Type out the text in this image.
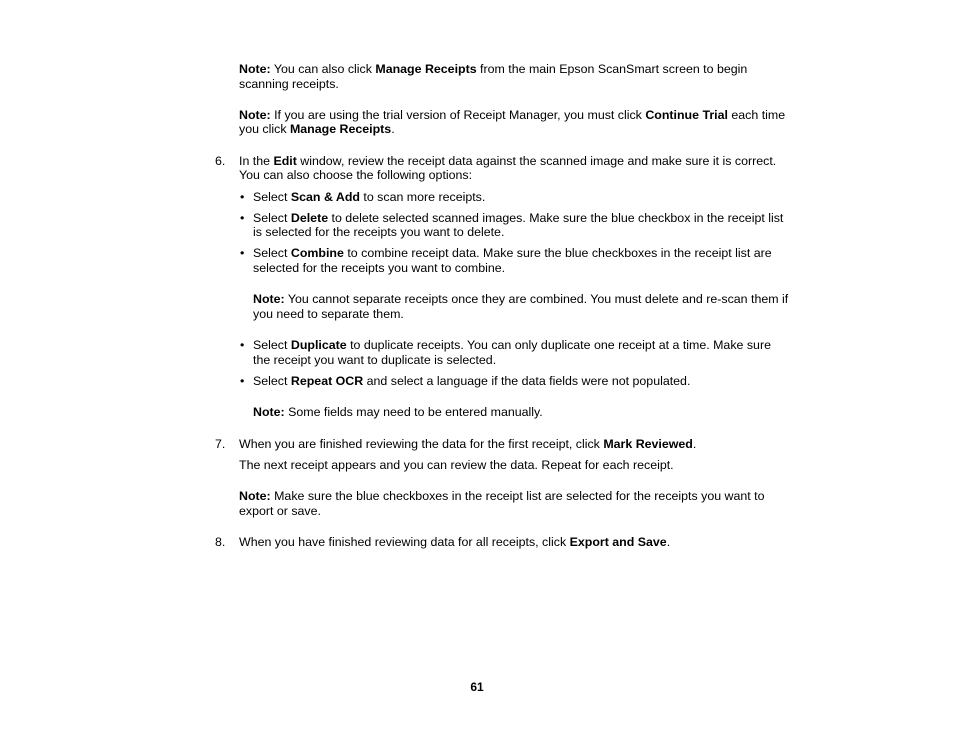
Note: You can also click Manage Receipts from the main Epson ScanSmart screen to begin

scanning receipts.

Note: If you are using the trial version of Receipt Manager, you must click Continue Trial each time

you click Manage Receipts.

6. In the Edit window, review the receipt data against the scanned image and make sure it is correct.

You can also choose the following options:

• Select Scan & Add to scan more receipts.

• Select Delete to delete selected scanned images. Make sure the blue checkbox in the receipt list

is selected for the receipts you want to delete.

• Select Combine to combine receipt data. Make sure the blue checkboxes in the receipt list are

selected for the receipts you want to combine.

Note: You cannot separate receipts once they are combined. You must delete and re-scan them if

you need to separate them.

• Select Duplicate to duplicate receipts. You can only duplicate one receipt at a time. Make sure

the receipt you want to duplicate is selected.

• Select Repeat OCR and select a language if the data fields were not populated.

Note: Some fields may need to be entered manually.

7. When you are finished reviewing the data for the first receipt, click Mark Reviewed.

The next receipt appears and you can review the data. Repeat for each receipt.

Note: Make sure the blue checkboxes in the receipt list are selected for the receipts you want to

export or save.

8. When you have finished reviewing data for all receipts, click Export and Save.

61
